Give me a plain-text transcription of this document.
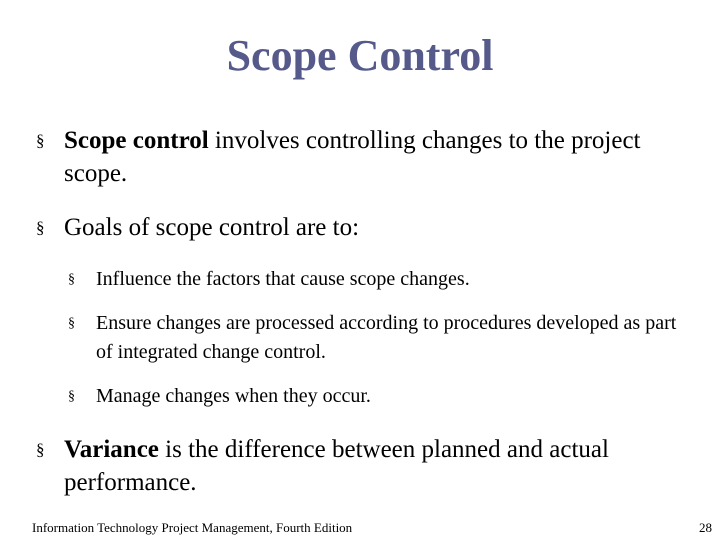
Scope Control
§ Scope control involves controlling changes to the project scope.
§ Goals of scope control are to:
§ Influence the factors that cause scope changes.
§ Ensure changes are processed according to procedures developed as part of integrated change control.
§ Manage changes when they occur.
§ Variance is the difference between planned and actual performance.
Information Technology Project Management, Fourth Edition	28
